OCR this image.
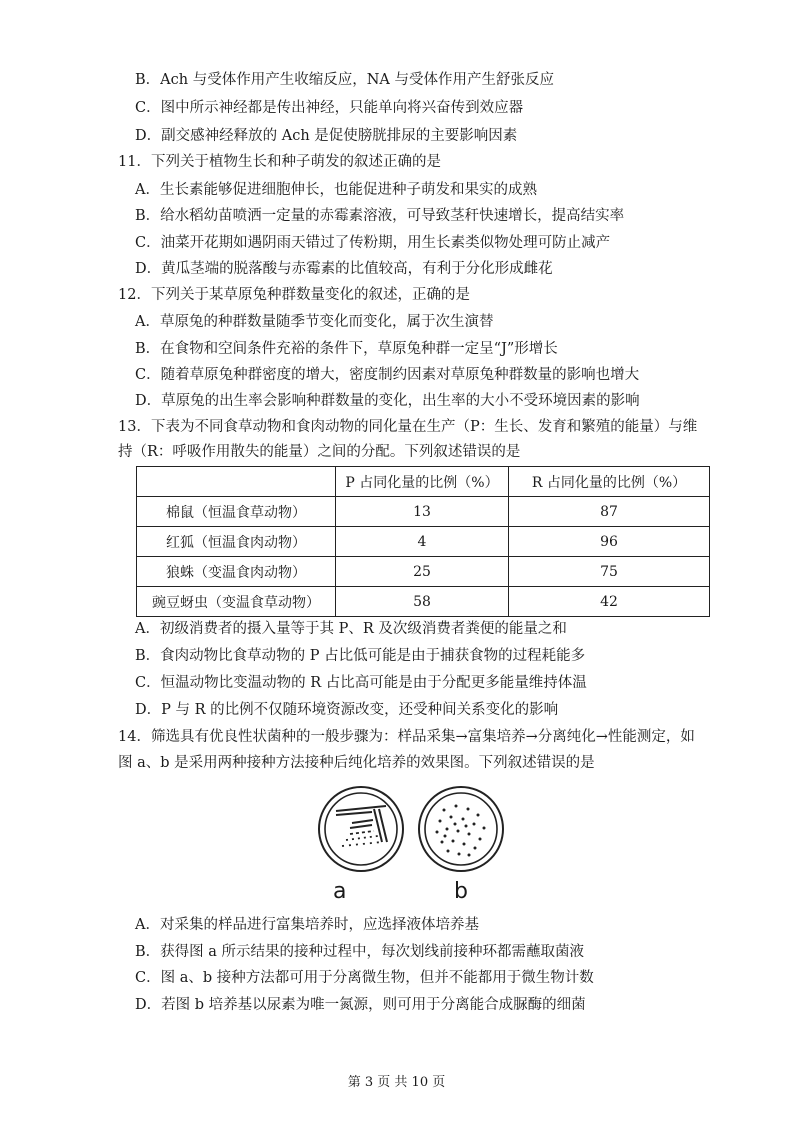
B．Ach 与受体作用产生收缩反应，NA 与受体作用产生舒张反应
C．图中所示神经都是传出神经，只能单向将兴奋传到效应器
D．副交感神经释放的 Ach 是促使膀胱排尿的主要影响因素
11．下列关于植物生长和种子萌发的叙述正确的是
A．生长素能够促进细胞伸长，也能促进种子萌发和果实的成熟
B．给水稻幼苗喷洒一定量的赤霉素溶液，可导致茎秆快速增长，提高结实率
C．油菜开花期如遇阴雨天错过了传粉期，用生长素类似物处理可防止减产
D．黄瓜茎端的脱落酸与赤霉素的比值较高，有利于分化形成雌花
12．下列关于某草原兔种群数量变化的叙述，正确的是
A．草原兔的种群数量随季节变化而变化，属于次生演替
B．在食物和空间条件充裕的条件下，草原兔种群一定呈“J”形增长
C．随着草原兔种群密度的增大，密度制约因素对草原兔种群数量的影响也增大
D．草原兔的出生率会影响种群数量的变化，出生率的大小不受环境因素的影响
13．下表为不同食草动物和食肉动物的同化量在生产（P：生长、发育和繁殖的能量）与维
持（R：呼吸作用散失的能量）之间的分配。下列叙述错误的是
	P 占同化量的比例（%）	R 占同化量的比例（%）
棉鼠（恒温食草动物）	13	87
红狐（恒温食肉动物）	4	96
狼蛛（变温食肉动物）	25	75
豌豆蚜虫（变温食草动物）	58	42
A．初级消费者的摄入量等于其 P、R 及次级消费者粪便的能量之和
B．食肉动物比食草动物的 P 占比低可能是由于捕获食物的过程耗能多
C．恒温动物比变温动物的 R 占比高可能是由于分配更多能量维持体温
D．P 与 R 的比例不仅随环境资源改变，还受种间关系变化的影响
14．筛选具有优良性状菌种的一般步骤为：样品采集→富集培养→分离纯化→性能测定，如
图 a、b 是采用两种接种方法接种后纯化培养的效果图。下列叙述错误的是
a	b
A．对采集的样品进行富集培养时，应选择液体培养基
B．获得图 a 所示结果的接种过程中，每次划线前接种环都需蘸取菌液
C．图 a、b 接种方法都可用于分离微生物，但并不能都用于微生物计数
D．若图 b 培养基以尿素为唯一氮源，则可用于分离能合成脲酶的细菌
第 3 页 共 10 页
